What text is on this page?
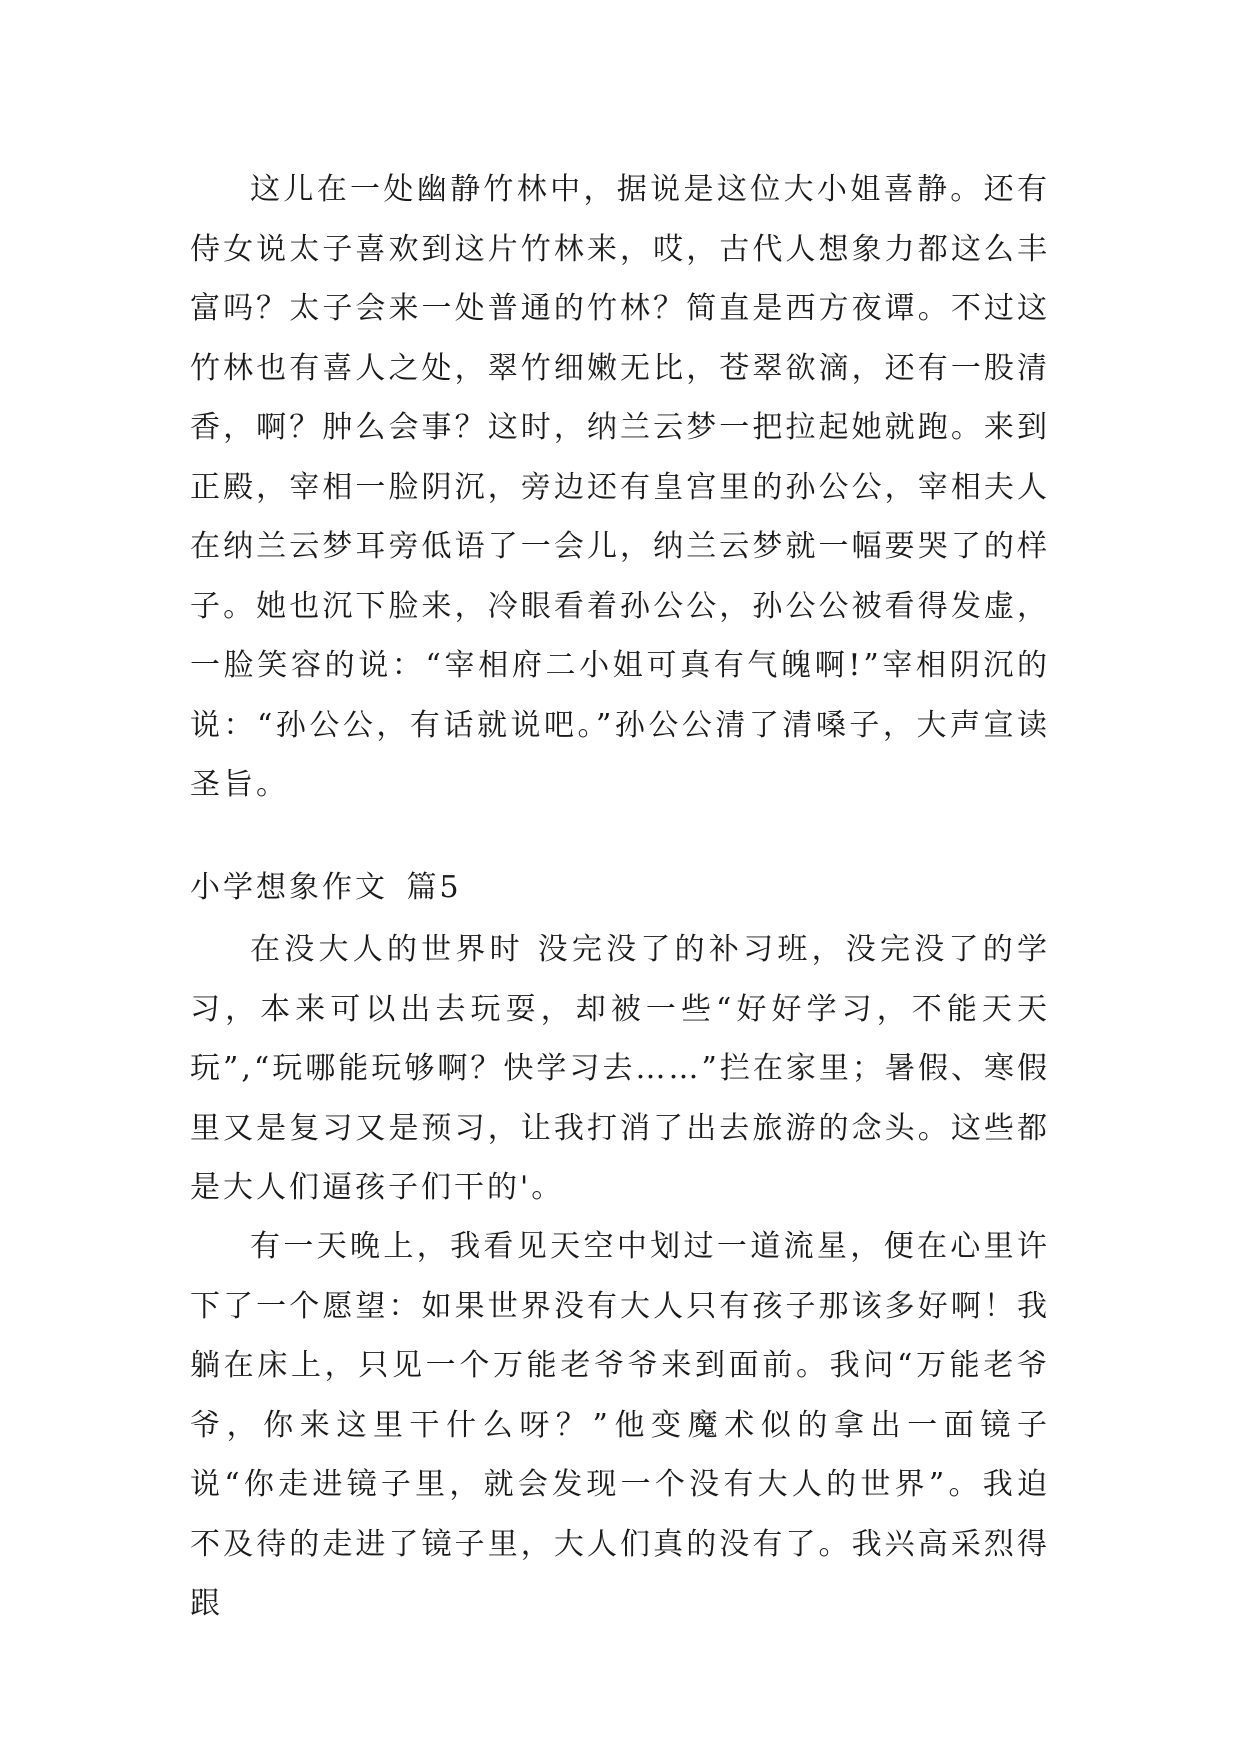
这儿在一处幽静竹林中，据说是这位大小姐喜静。还有侍女说太子喜欢到这片竹林来，哎，古代人想象力都这么丰富吗？太子会来一处普通的竹林？简直是西方夜谭。不过这竹林也有喜人之处，翠竹细嫩无比，苍翠欲滴，还有一股清香，啊？肿么会事？这时，纳兰云梦一把拉起她就跑。来到正殿，宰相一脸阴沉，旁边还有皇宫里的孙公公，宰相夫人在纳兰云梦耳旁低语了一会儿，纳兰云梦就一幅要哭了的样子。她也沉下脸来，冷眼看着孙公公，孙公公被看得发虚，一脸笑容的说：“宰相府二小姐可真有气魄啊!”宰相阴沉的说：“孙公公，有话就说吧。”孙公公清了清嗓子，大声宣读圣旨。

小学想象作文 篇5

在没大人的世界时 没完没了的补习班，没完没了的学习，本来可以出去玩耍，却被一些“好好学习，不能天天玩”,“玩哪能玩够啊？快学习去……”拦在家里；暑假、寒假里又是复习又是预习，让我打消了出去旅游的念头。这些都是大人们逼孩子们干的'。

有一天晚上，我看见天空中划过一道流星，便在心里许下了一个愿望：如果世界没有大人只有孩子那该多好啊！我躺在床上，只见一个万能老爷爷来到面前。我问“万能老爷爷，你来这里干什么呀？”他变魔术似的拿出一面镜子说“你走进镜子里，就会发现一个没有大人的世界”。我迫不及待的走进了镜子里，大人们真的没有了。我兴高采烈得跟
